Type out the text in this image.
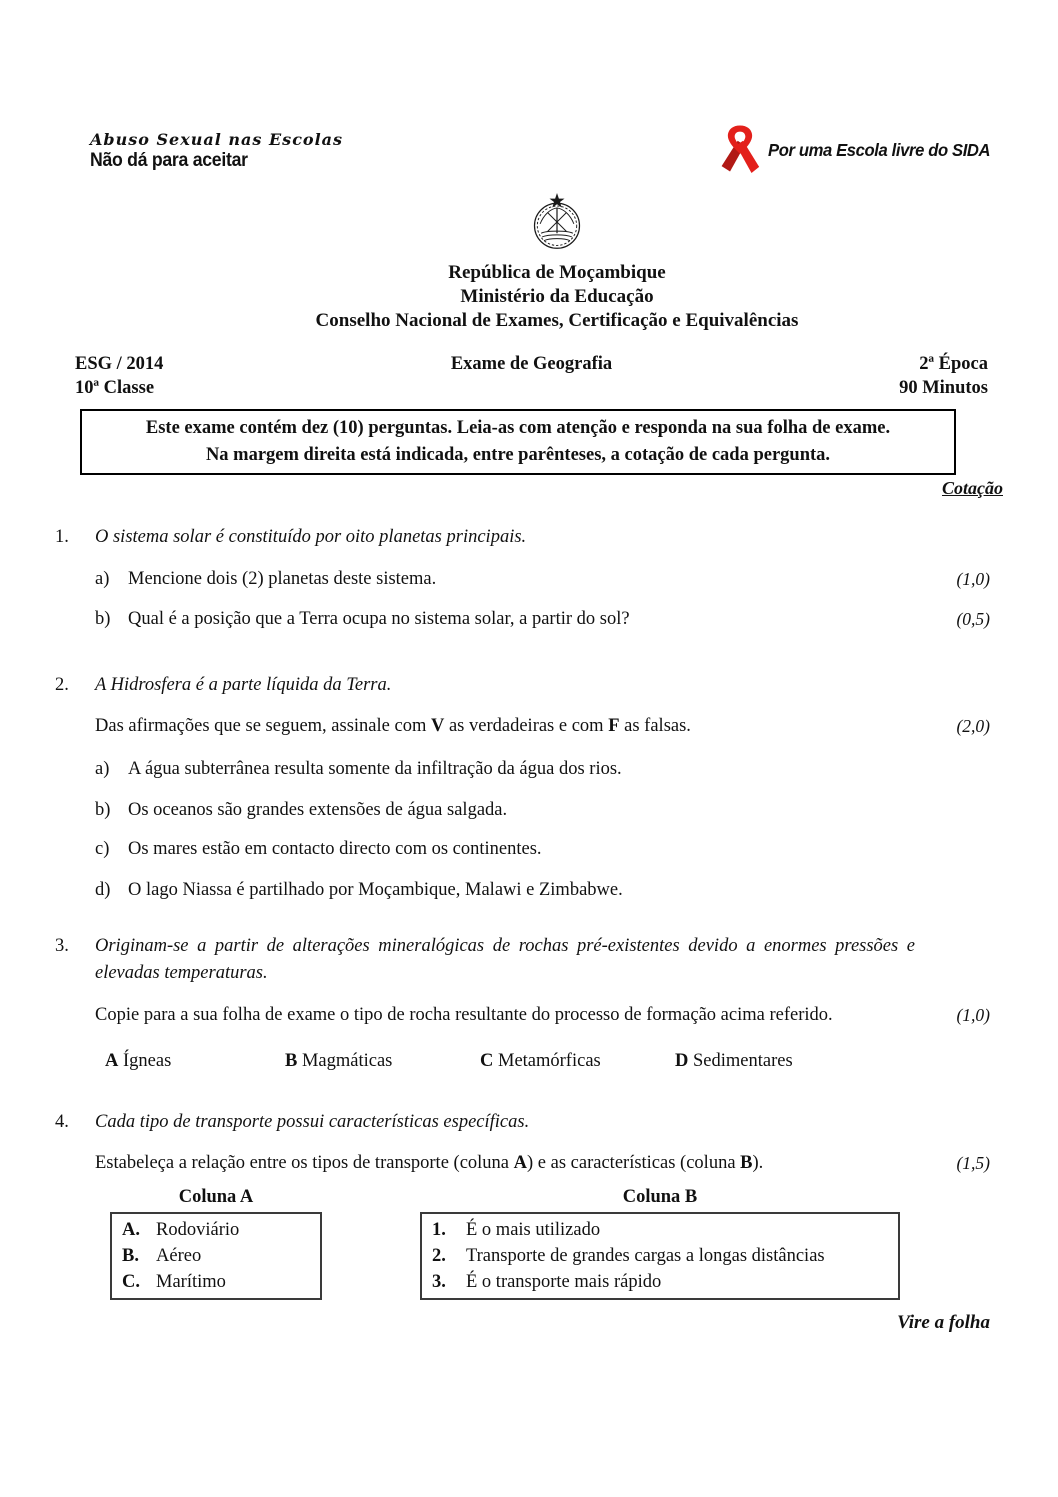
Abuso Sexual nas Escolas
Não dá para aceitar
Por uma Escola livre do SIDA
República de Moçambique
Ministério da Educação
Conselho Nacional de Exames, Certificação e Equivalências
ESG / 2014
10ª Classe
Exame de Geografia	2ª Época
90 Minutos
Este exame contém dez (10) perguntas. Leia-as com atenção e responda na sua folha de exame.
Na margem direita está indicada, entre parênteses, a cotação de cada pergunta.
Cotação
1.	O sistema solar é constituído por oito planetas principais.
a)	Mencione dois (2) planetas deste sistema.	(1,0)
b) Qual é a posição que a Terra ocupa no sistema solar, a partir do sol?	(0,5)
2.	A Hidrosfera é a parte líquida da Terra.
Das afirmações que se seguem, assinale com V as verdadeiras e com F as falsas.	(2,0)
a)	A água subterrânea resulta somente da infiltração da água dos rios.
b) Os oceanos são grandes extensões de água salgada.
c)	Os mares estão em contacto directo com os continentes.
d) O lago Niassa é partilhado por Moçambique, Malawi e Zimbabwe.
3.	Originam-se a partir de alterações mineralógicas de rochas pré-existentes devido a enormes pressões e elevadas temperaturas.
Copie para a sua folha de exame o tipo de rocha resultante do processo de formação acima referido.	(1,0)
A Ígneas	B Magmáticas	C Metamórficas	D Sedimentares
4.	Cada tipo de transporte possui características específicas.
Estabeleça a relação entre os tipos de transporte (coluna A) e as características (coluna B).	(1,5)
Coluna A
A. Rodoviário
B. Aéreo
C. Marítimo
Coluna B
1.	É o mais utilizado
2.	Transporte de grandes cargas a longas distâncias
3.	É o transporte mais rápido
Vire a folha
